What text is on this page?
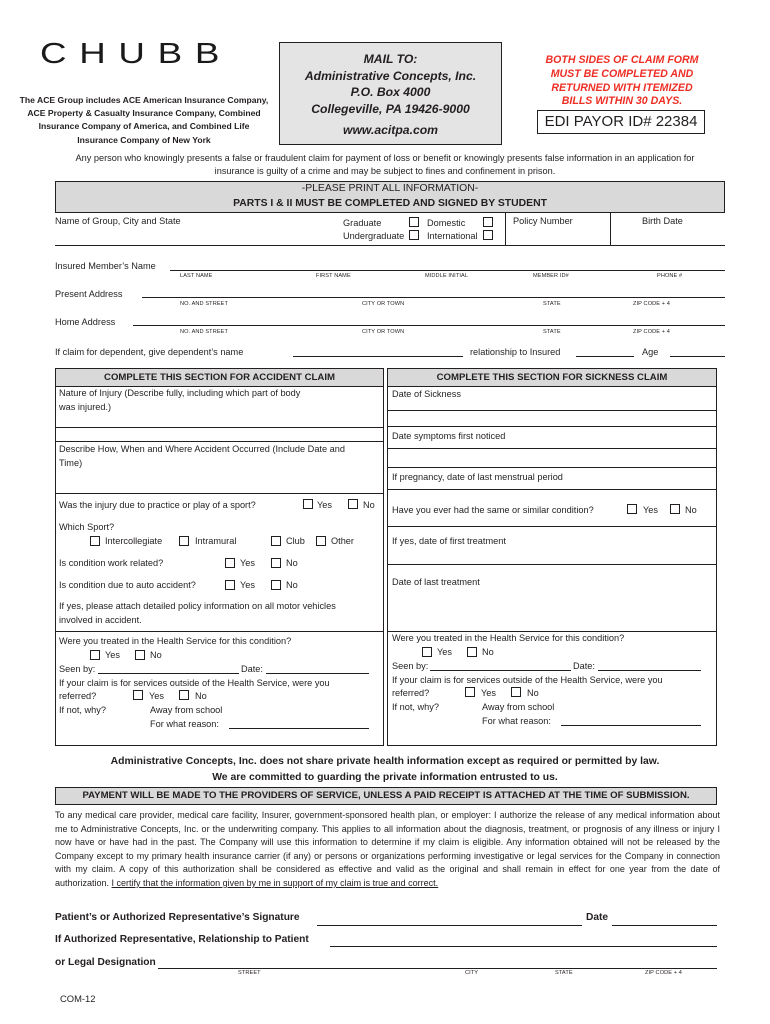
CHUBB
The ACE Group includes ACE American Insurance Company,
ACE Property & Casualty Insurance Company, Combined
Insurance Company of America, and Combined Life
Insurance Company of New York
MAIL TO:
Administrative Concepts, Inc.
P.O. Box 4000
Collegeville, PA 19426-9000
www.acitpa.com
BOTH SIDES OF CLAIM FORM
MUST BE COMPLETED AND
RETURNED WITH ITEMIZED
BILLS WITHIN 30 DAYS.
EDI PAYOR ID# 22384
Any person who knowingly presents a false or fraudulent claim for payment of loss or benefit or knowingly presents false information in an application for insurance is guilty of a crime and may be subject to fines and confinement in prison.
-PLEASE PRINT ALL INFORMATION-
PARTS I & II MUST BE COMPLETED AND SIGNED BY STUDENT
Name of Group, City and State	Graduate	Domestic
Undergraduate International
Policy Number	Birth Date
Insured Member’s Name
LAST NAME	FIRST NAME	MIDDLE INITIAL	MEMBER ID#	PHONE #
Present Address
NO. AND STREET	CITY OR TOWN	STATE	ZIP CODE + 4
Home Address
NO. AND STREET	CITY OR TOWN	STATE	ZIP CODE + 4
If claim for dependent, give dependent’s name	relationship to Insured	Age
COMPLETE THIS SECTION FOR ACCIDENT CLAIM
Nature of Injury (Describe fully, including which part of body
was injured.)
Describe How, When and Where Accident Occurred (Include Date and
Time)
Was the injury due to practice or play of a sport?	Yes	No
Which Sport?
Intercollegiate	Intramural	Club	Other
Is condition work related?	Yes	No
Is condition due to auto accident?	Yes	No
If yes, please attach detailed policy information on all motor vehicles
involved in accident.
Were you treated in the Health Service for this condition?
Yes	No
Seen by:	Date:
If your claim is for services outside of the Health Service, were you
referred?	Yes	No
If not, why?	Away from school
For what reason:
COMPLETE THIS SECTION FOR SICKNESS CLAIM
Date of Sickness
Date symptoms first noticed
If pregnancy, date of last menstrual period
Have you ever had the same or similar condition?	Yes	No
If yes, date of first treatment
Date of last treatment
Were you treated in the Health Service for this condition?
Yes	No
Seen by:	Date:
If your claim is for services outside of the Health Service, were you
referred?	Yes	No
If not, why?	Away from school
For what reason:
Administrative Concepts, Inc. does not share private health information except as required or permitted by law.
We are committed to guarding the private information entrusted to us.
PAYMENT WILL BE MADE TO THE PROVIDERS OF SERVICE, UNLESS A PAID RECEIPT IS ATTACHED AT THE TIME OF SUBMISSION.
To any medical care provider, medical care facility, Insurer, government-sponsored health plan, or employer: I authorize the release of any medical information about me to Administrative Concepts, Inc. or the underwriting company. This applies to all information about the diagnosis, treatment, or prognosis of any illness or injury I now have or have had in the past. The Company will use this information to determine if my claim is eligible. Any information obtained will not be released by the Company except to my primary health insurance carrier (if any) or persons or organizations performing investigative or legal services for the Company in connection with my claim. A copy of this authorization shall be considered as effective and valid as the original and shall remain in effect for one year from the date of authorization. I certify that the information given by me in support of my claim is true and correct.
Patient’s or Authorized Representative’s Signature	Date
If Authorized Representative, Relationship to Patient
or Legal Designation
STREET	CITY	STATE	ZIP CODE + 4
COM-12
